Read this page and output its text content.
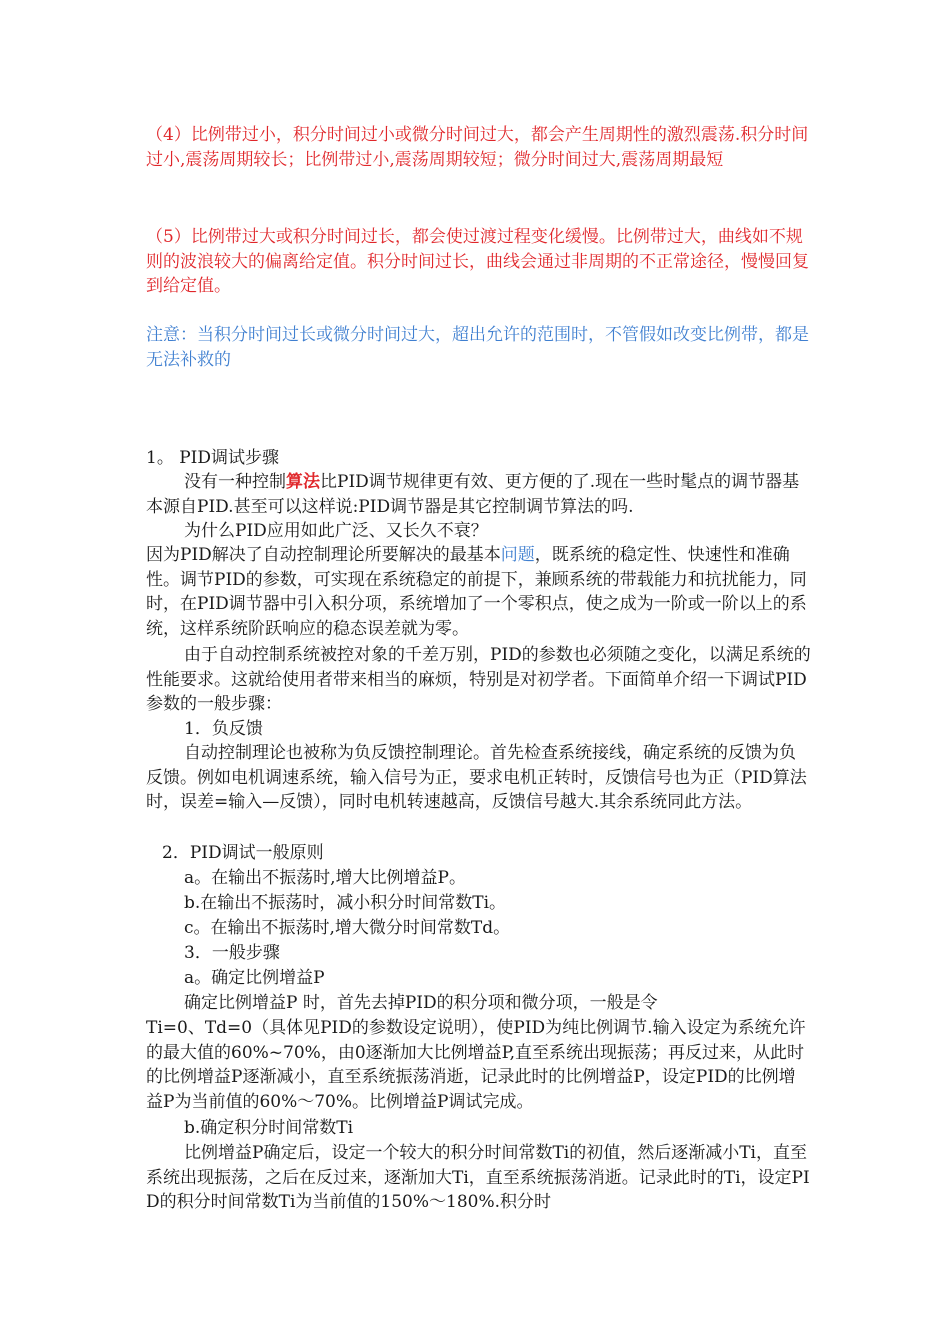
（4）比例带过小，积分时间过小或微分时间过大，都会产生周期性的激烈震荡.积分时间过小,震荡周期较长；比例带过小,震荡周期较短；微分时间过大,震荡周期最短

（5）比例带过大或积分时间过长，都会使过渡过程变化缓慢。比例带过大，曲线如不规则的波浪较大的偏离给定值。积分时间过长，曲线会通过非周期的不正常途径，慢慢回复到给定值。

注意：当积分时间过长或微分时间过大，超出允许的范围时，不管假如改变比例带，都是无法补救的

1。 PID调试步骤

没有一种控制算法比PID调节规律更有效、更方便的了.现在一些时髦点的调节器基本源自PID.甚至可以这样说:PID调节器是其它控制调节算法的吗.

为什么PID应用如此广泛、又长久不衰？

因为PID解决了自动控制理论所要解决的最基本问题，既系统的稳定性、快速性和准确性。调节PID的参数，可实现在系统稳定的前提下，兼顾系统的带载能力和抗扰能力，同时，在PID调节器中引入积分项，系统增加了一个零积点，使之成为一阶或一阶以上的系统，这样系统阶跃响应的稳态误差就为零。

由于自动控制系统被控对象的千差万别，PID的参数也必须随之变化，以满足系统的性能要求。这就给使用者带来相当的麻烦，特别是对初学者。下面简单介绍一下调试PID参数的一般步骤：

1．负反馈

自动控制理论也被称为负反馈控制理论。首先检查系统接线，确定系统的反馈为负反馈。例如电机调速系统，输入信号为正，要求电机正转时，反馈信号也为正（PID算法时，误差=输入—反馈），同时电机转速越高，反馈信号越大.其余系统同此方法。

2．PID调试一般原则

a。在输出不振荡时,增大比例增益P。

b.在输出不振荡时，减小积分时间常数Ti。

c。在输出不振荡时,增大微分时间常数Td。

3．一般步骤

a。确定比例增益P

确定比例增益P 时，首先去掉PID的积分项和微分项，一般是令

Ti=0、Td=0（具体见PID的参数设定说明），使PID为纯比例调节.输入设定为系统允许的最大值的60%~70%，由0逐渐加大比例增益P,直至系统出现振荡；再反过来，从此时的比例增益P逐渐减小，直至系统振荡消逝，记录此时的比例增益P，设定PID的比例增益P为当前值的60%～70%。比例增益P调试完成。

b.确定积分时间常数Ti

比例增益P确定后，设定一个较大的积分时间常数Ti的初值，然后逐渐减小Ti，直至系统出现振荡，之后在反过来，逐渐加大Ti，直至系统振荡消逝。记录此时的Ti，设定PID的积分时间常数Ti为当前值的150%～180%.积分时
